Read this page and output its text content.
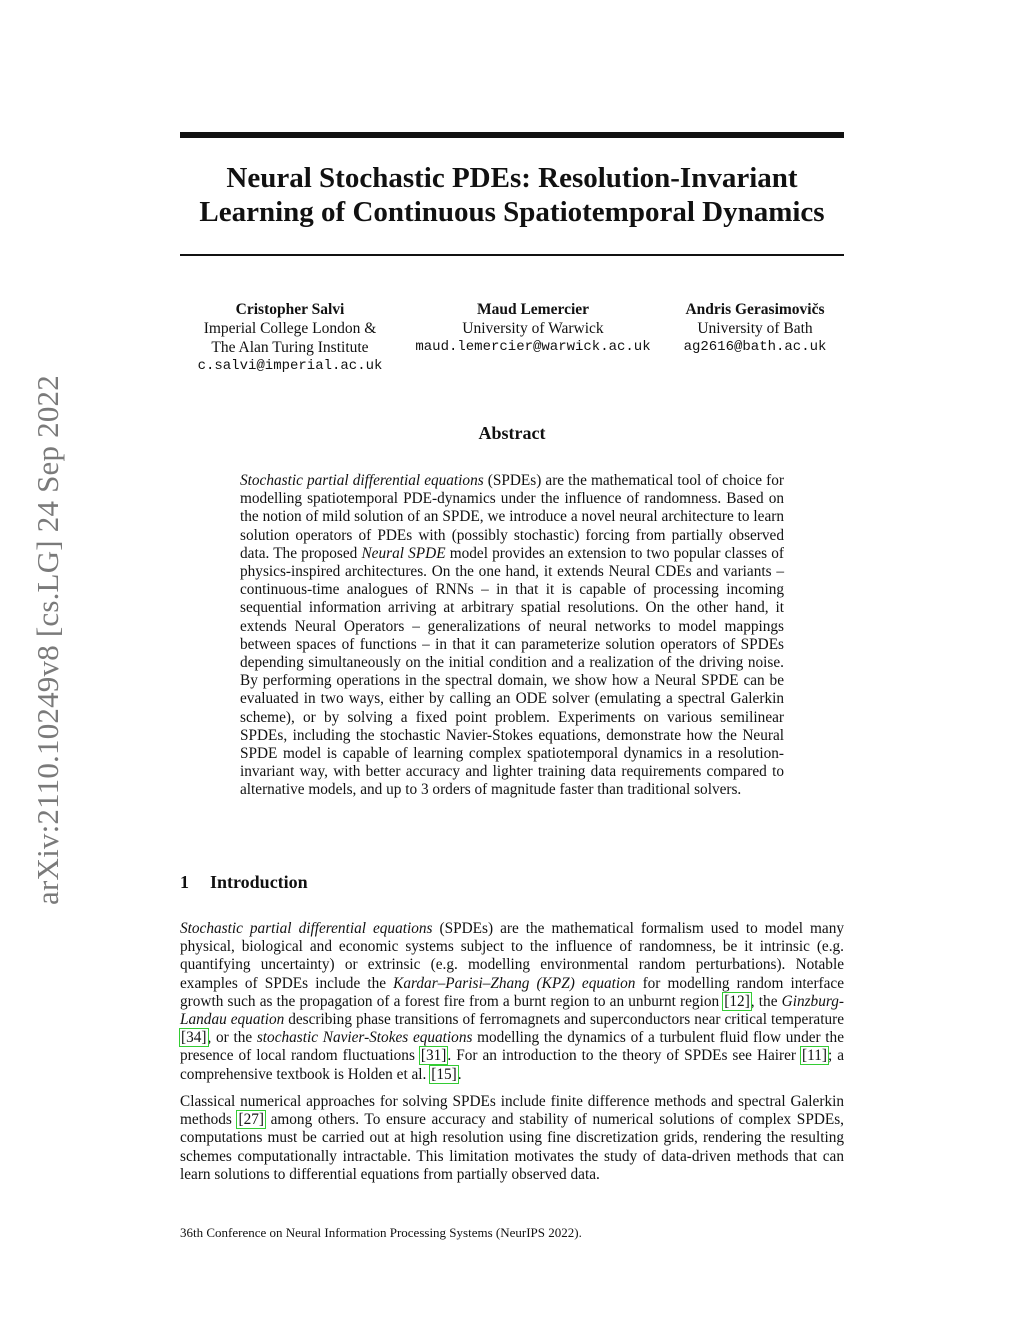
arXiv:2110.10249v8 [cs.LG] 24 Sep 2022
Neural Stochastic PDEs: Resolution-Invariant
Learning of Continuous Spatiotemporal Dynamics
Cristopher Salvi
Imperial College London &
The Alan Turing Institute
c.salvi@imperial.ac.uk
Maud Lemercier
University of Warwick
maud.lemercier@warwick.ac.uk
Andris Gerasimovičs
University of Bath
ag2616@bath.ac.uk
Abstract

Stochastic partial differential equations (SPDEs) are the mathematical tool of choice for modelling spatiotemporal PDE-dynamics under the influence of randomness. Based on the notion of mild solution of an SPDE, we introduce a novel neural architecture to learn solution operators of PDEs with (possibly stochastic) forcing from partially observed data. The proposed Neural SPDE model provides an extension to two popular classes of physics-inspired architectures. On the one hand, it extends Neural CDEs and variants – continuous-time analogues of RNNs – in that it is capable of processing incoming sequential information arriving at arbitrary spatial resolutions. On the other hand, it extends Neural Operators – generalizations of neural networks to model mappings between spaces of functions – in that it can parameterize solution operators of SPDEs depending simultaneously on the initial condition and a realization of the driving noise. By performing operations in the spectral domain, we show how a Neural SPDE can be evaluated in two ways, either by calling an ODE solver (emulating a spectral Galerkin scheme), or by solving a fixed point problem. Experiments on various semilinear SPDEs, including the stochastic Navier-Stokes equations, demonstrate how the Neural SPDE model is capable of learning complex spatiotemporal dynamics in a resolution-invariant way, with better accuracy and lighter training data requirements compared to alternative models, and up to 3 orders of magnitude faster than traditional solvers.

1 Introduction

Stochastic partial differential equations (SPDEs) are the mathematical formalism used to model many physical, biological and economic systems subject to the influence of randomness, be it intrinsic (e.g. quantifying uncertainty) or extrinsic (e.g. modelling environmental random perturbations). Notable examples of SPDEs include the Kardar–Parisi–Zhang (KPZ) equation for modelling random interface growth such as the propagation of a forest fire from a burnt region to an unburnt region [12], the Ginzburg-Landau equation describing phase transitions of ferromagnets and superconductors near critical temperature [34], or the stochastic Navier-Stokes equations modelling the dynamics of a turbulent fluid flow under the presence of local random fluctuations [31]. For an introduction to the theory of SPDEs see Hairer [11]; a comprehensive textbook is Holden et al. [15].

Classical numerical approaches for solving SPDEs include finite difference methods and spectral Galerkin methods [27] among others. To ensure accuracy and stability of numerical solutions of complex SPDEs, computations must be carried out at high resolution using fine discretization grids, rendering the resulting schemes computationally intractable. This limitation motivates the study of data-driven methods that can learn solutions to differential equations from partially observed data.

36th Conference on Neural Information Processing Systems (NeurIPS 2022).
